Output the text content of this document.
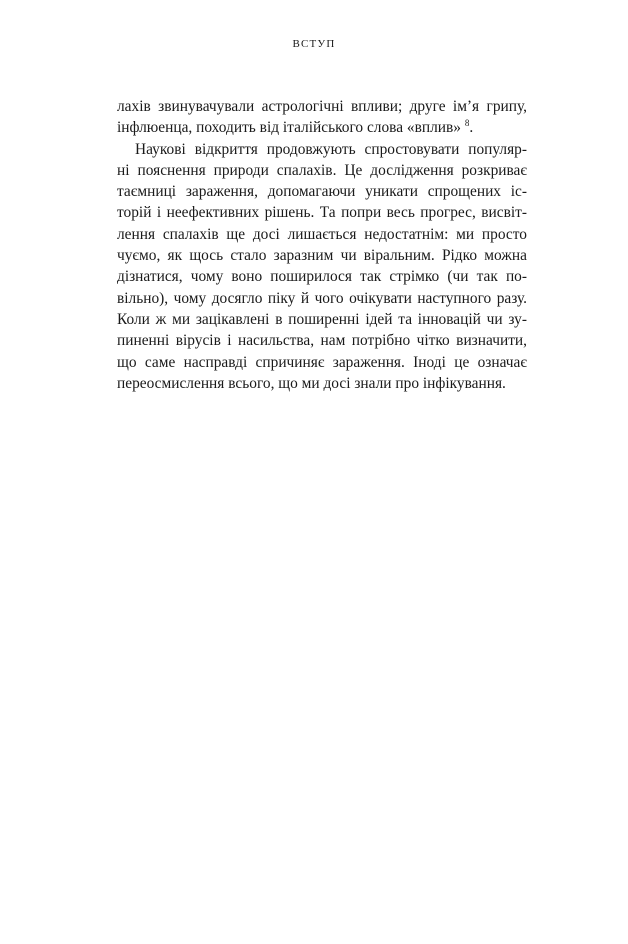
ВСТУП
лахів звинувачували астрологічні впливи; друге ім’я грипу,
інфлюенца, походить від італійського слова «вплив» $^8$.
Наукові відкриття продовжують спростовувати популяр-
ні пояснення природи спалахів. Це дослідження розкриває
таємниці зараження, допомагаючи уникати спрощених іс-
торій і неефективних рішень. Та попри весь прогрес, висвіт-
лення спалахів ще досі лишається недостатнім: ми просто
чуємо, як щось стало заразним чи віральним. Рідко можна
дізнатися, чому воно поширилося так стрімко (чи так по-
вільно), чому досягло піку й чого очікувати наступного разу.
Коли ж ми зацікавлені в поширенні ідей та інновацій чи зу-
пиненні вірусів і насильства, нам потрібно чітко визначити,
що саме насправді спричиняє зараження. Іноді це означає
переосмислення всього, що ми досі знали про інфікування.
